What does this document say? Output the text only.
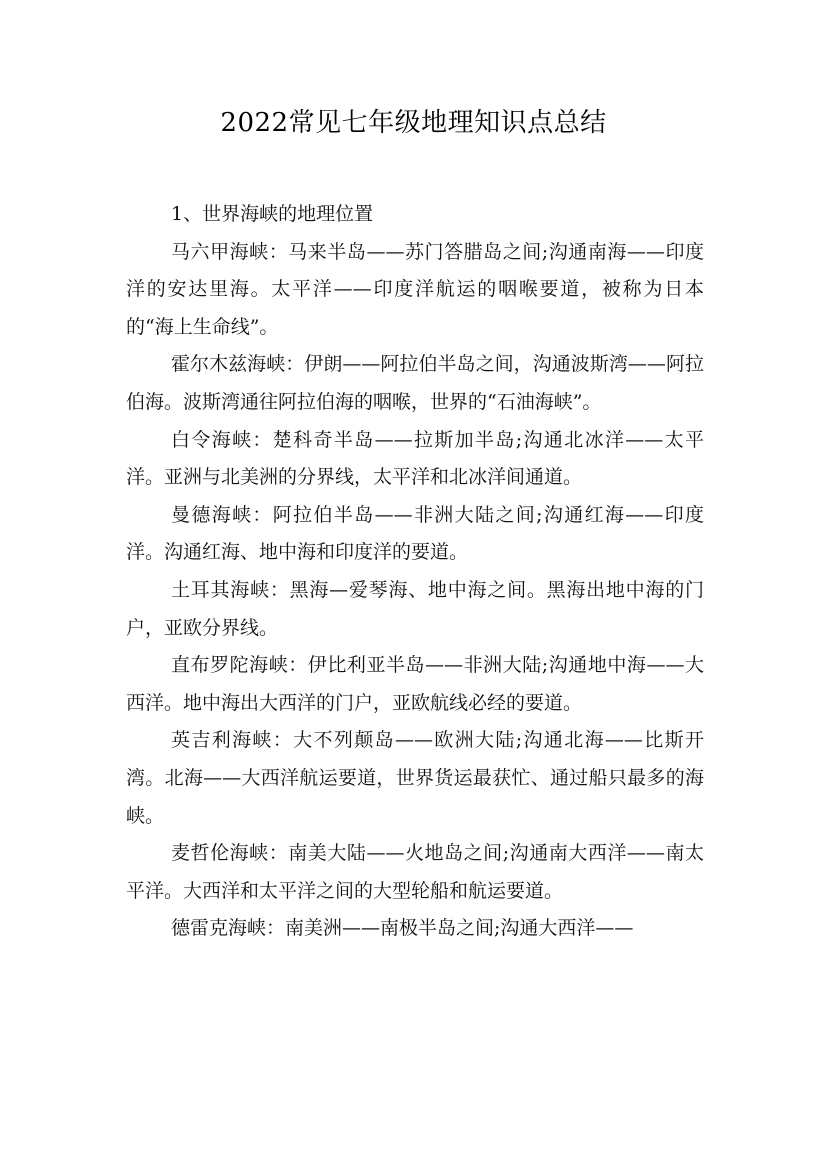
2022常见七年级地理知识点总结

1、世界海峡的地理位置

马六甲海峡：马来半岛——苏门答腊岛之间;沟通南海——印度洋的安达里海。太平洋——印度洋航运的咽喉要道，被称为日本的“海上生命线”。

霍尔木兹海峡：伊朗——阿拉伯半岛之间，沟通波斯湾——阿拉伯海。波斯湾通往阿拉伯海的咽喉，世界的“石油海峡”。

白令海峡：楚科奇半岛——拉斯加半岛;沟通北冰洋——太平洋。亚洲与北美洲的分界线，太平洋和北冰洋间通道。

曼德海峡：阿拉伯半岛——非洲大陆之间;沟通红海——印度洋。沟通红海、地中海和印度洋的要道。

土耳其海峡：黑海—爱琴海、地中海之间。黑海出地中海的门户，亚欧分界线。

直布罗陀海峡：伊比利亚半岛——非洲大陆;沟通地中海——大西洋。地中海出大西洋的门户，亚欧航线必经的要道。

英吉利海峡：大不列颠岛——欧洲大陆;沟通北海——比斯开湾。北海——大西洋航运要道，世界货运最获忙、通过船只最多的海峡。

麦哲伦海峡：南美大陆——火地岛之间;沟通南大西洋——南太平洋。大西洋和太平洋之间的大型轮船和航运要道。

德雷克海峡：南美洲——南极半岛之间;沟通大西洋——
